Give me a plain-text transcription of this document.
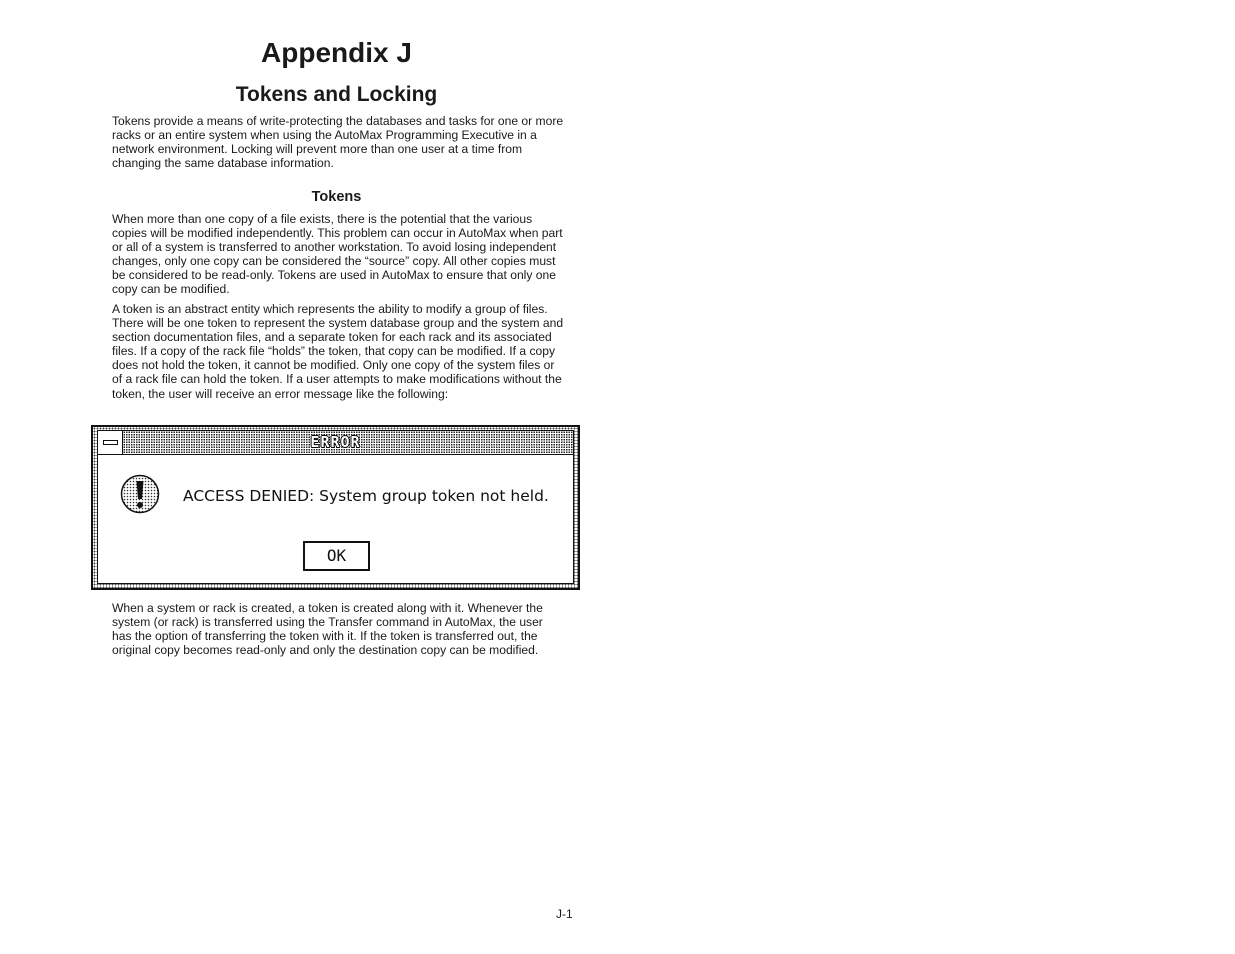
Appendix J
Tokens and Locking

Tokens provide a means of write-protecting the databases and tasks for one or more racks or an entire system when using the AutoMax Programming Executive in a network environment. Locking will prevent more than one user at a time from changing the same database information.

Tokens

When more than one copy of a file exists, there is the potential that the various copies will be modified independently. This problem can occur in AutoMax when part or all of a system is transferred to another workstation. To avoid losing independent changes, only one copy can be considered the “source” copy. All other copies must be considered to be read-only. Tokens are used in AutoMax to ensure that only one copy can be modified.

A token is an abstract entity which represents the ability to modify a group of files. There will be one token to represent the system database group and the system and section documentation files, and a separate token for each rack and its associated files. If a copy of the rack file “holds” the token, that copy can be modified. If a copy does not hold the token, it cannot be modified. Only one copy of the system files or of a rack file can hold the token. If a user attempts to make modifications without the token, the user will receive an error message like the following:

ERROR
ACCESS DENIED: System group token not held.
OK

When a system or rack is created, a token is created along with it. Whenever the system (or rack) is transferred using the Transfer command in AutoMax, the user has the option of transferring the token with it. If the token is transferred out, the original copy becomes read-only and only the destination copy can be modified.

J-1
